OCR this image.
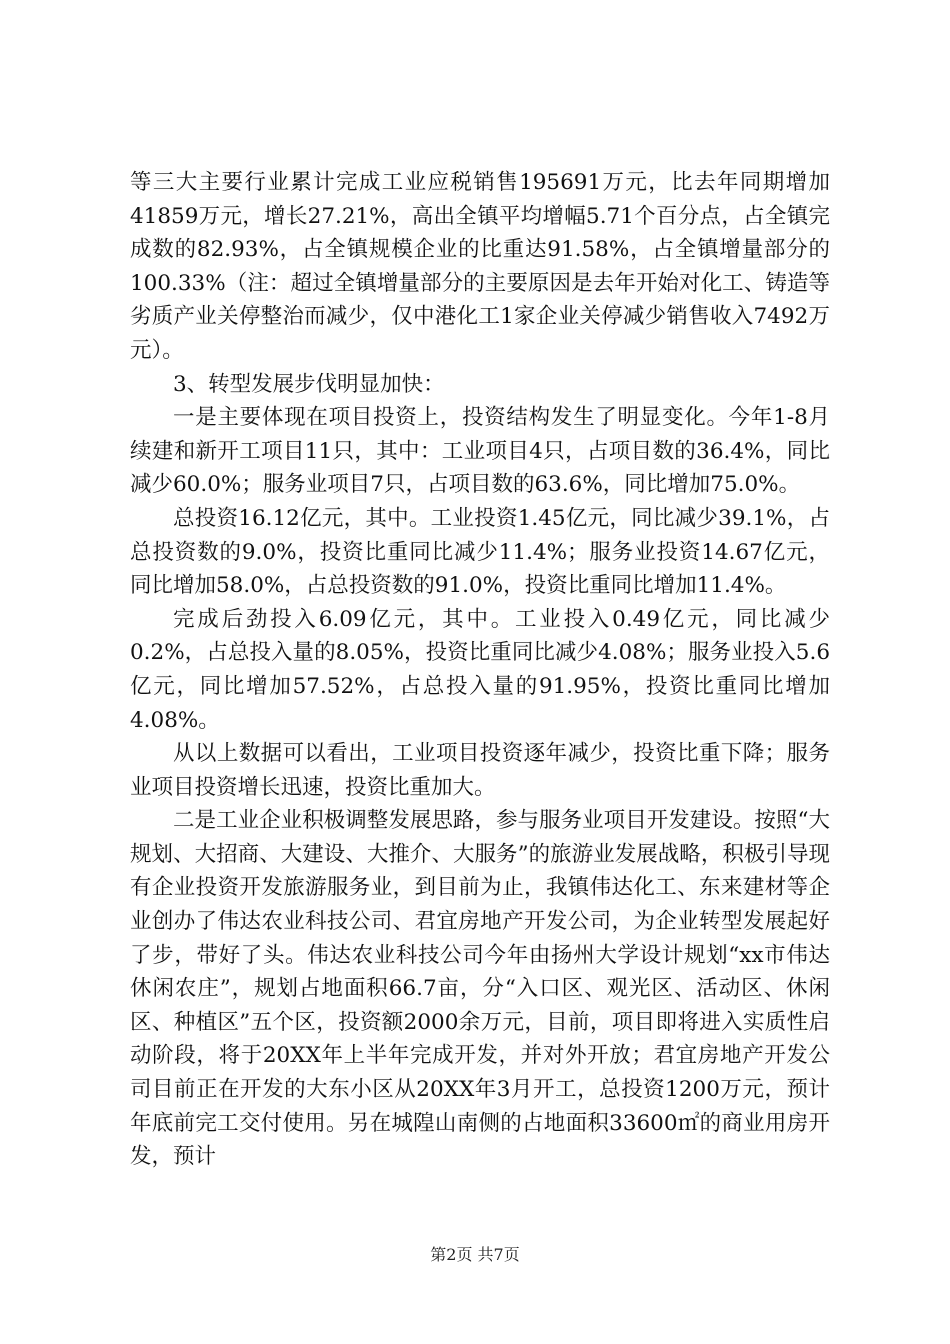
等三大主要行业累计完成工业应税销售195691万元，比去年同期增加41859万元，增长27.21%，高出全镇平均增幅5.71个百分点，占全镇完成数的82.93%，占全镇规模企业的比重达91.58%，占全镇增量部分的100.33%（注：超过全镇增量部分的主要原因是去年开始对化工、铸造等劣质产业关停整治而减少，仅中港化工1家企业关停减少销售收入7492万元）。

3、转型发展步伐明显加快：

一是主要体现在项目投资上，投资结构发生了明显变化。今年1-8月续建和新开工项目11只，其中：工业项目4只，占项目数的36.4%，同比减少60.0%；服务业项目7只，占项目数的63.6%，同比增加75.0%。

总投资16.12亿元，其中。工业投资1.45亿元，同比减少39.1%，占总投资数的9.0%，投资比重同比减少11.4%；服务业投资14.67亿元，同比增加58.0%，占总投资数的91.0%，投资比重同比增加11.4%。

完成后劲投入6.09亿元，其中。工业投入0.49亿元，同比减少0.2%，占总投入量的8.05%，投资比重同比减少4.08%；服务业投入5.6亿元，同比增加57.52%，占总投入量的91.95%，投资比重同比增加4.08%。

从以上数据可以看出，工业项目投资逐年减少，投资比重下降；服务业项目投资增长迅速，投资比重加大。

二是工业企业积极调整发展思路，参与服务业项目开发建设。按照“大规划、大招商、大建设、大推介、大服务”的旅游业发展战略，积极引导现有企业投资开发旅游服务业，到目前为止，我镇伟达化工、东来建材等企业创办了伟达农业科技公司、君宜房地产开发公司，为企业转型发展起好了步，带好了头。伟达农业科技公司今年由扬州大学设计规划“xx市伟达休闲农庄”，规划占地面积66.7亩，分“入口区、观光区、活动区、休闲区、种植区”五个区，投资额2000余万元，目前，项目即将进入实质性启动阶段，将于20XX年上半年完成开发，并对外开放；君宜房地产开发公司目前正在开发的大东小区从20XX年3月开工，总投资1200万元，预计年底前完工交付使用。另在城隍山南侧的占地面积33600㎡的商业用房开发，预计

第2页 共7页
